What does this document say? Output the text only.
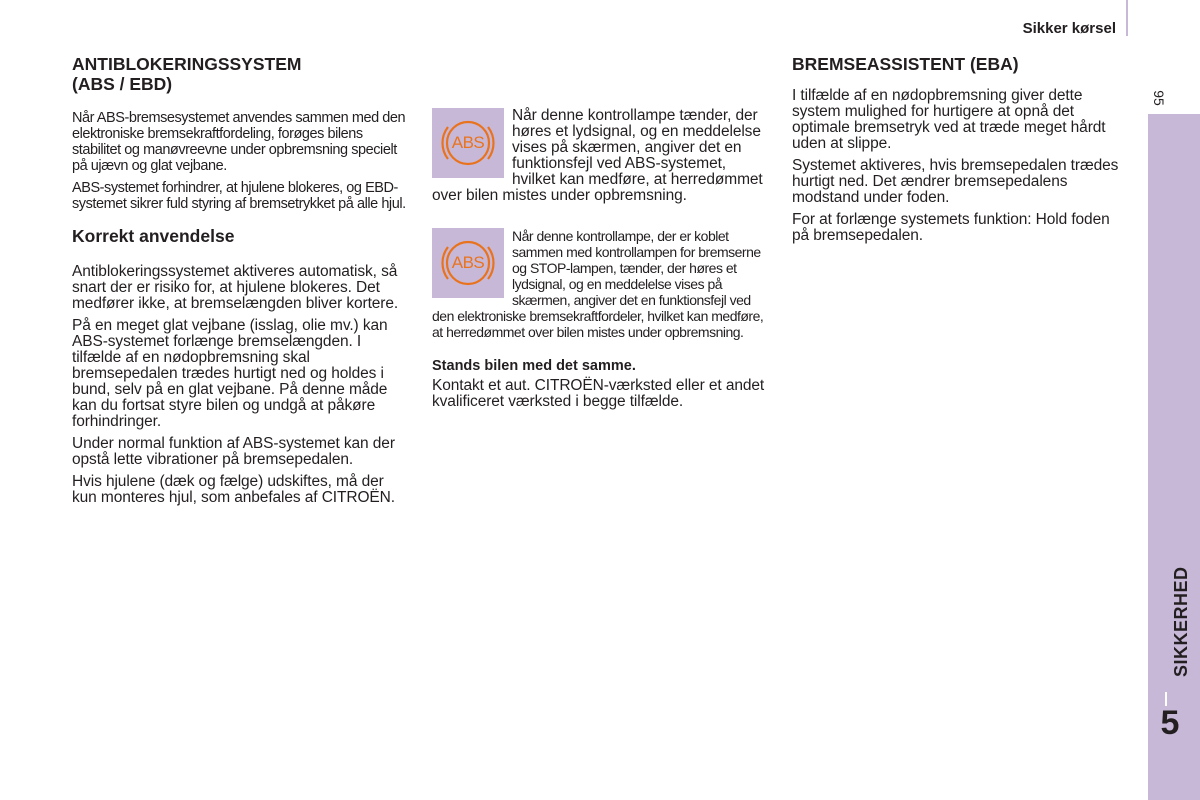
Sikker kørsel
95
SIKKERHED
5
ANTIBLOKERINGSSYSTEM
(ABS / EBD)

Når ABS-bremsesystemet anvendes sammen med den elektroniske bremsekraftfordeling, forøges bilens stabilitet og manøvreevne under opbremsning specielt på ujævn og glat vejbane.

ABS-systemet forhindrer, at hjulene blokeres, og EBD-systemet sikrer fuld styring af bremsetrykket på alle hjul.

Korrekt anvendelse

Antiblokeringssystemet aktiveres automatisk, så snart der er risiko for, at hjulene blokeres. Det medfører ikke, at bremselængden bliver kortere.

På en meget glat vejbane (isslag, olie mv.) kan ABS-systemet forlænge bremselængden. I tilfælde af en nødopbremsning skal bremsepedalen trædes hurtigt ned og holdes i bund, selv på en glat vejbane. På denne måde kan du fortsat styre bilen og undgå at påkøre forhindringer.

Under normal funktion af ABS-systemet kan der opstå lette vibrationer på bremsepedalen.

Hvis hjulene (dæk og fælge) udskiftes, må der kun monteres hjul, som anbefales af CITROËN.

ABS

Når denne kontrollampe tænder, der høres et lydsignal, og en meddelelse vises på skærmen, angiver det en funktionsfejl ved ABS-systemet, hvilket kan medføre, at herredømmet over bilen mistes under opbremsning.

ABS

Når denne kontrollampe, der er koblet sammen med kontrollampen for bremserne og STOP-lampen, tænder, der høres et lydsignal, og en meddelelse vises på skærmen, angiver det en funktionsfejl ved den elektroniske bremsekraftfordeler, hvilket kan medføre, at herredømmet over bilen mistes under opbremsning.

Stands bilen med det samme.

Kontakt et aut. CITROËN-værksted eller et andet kvalificeret værksted i begge tilfælde.

BREMSEASSISTENT (EBA)

I tilfælde af en nødopbremsning giver dette system mulighed for hurtigere at opnå det optimale bremsetryk ved at træde meget hårdt uden at slippe.

Systemet aktiveres, hvis bremsepedalen trædes hurtigt ned. Det ændrer bremsepedalens modstand under foden.

For at forlænge systemets funktion: Hold foden på bremsepedalen.
